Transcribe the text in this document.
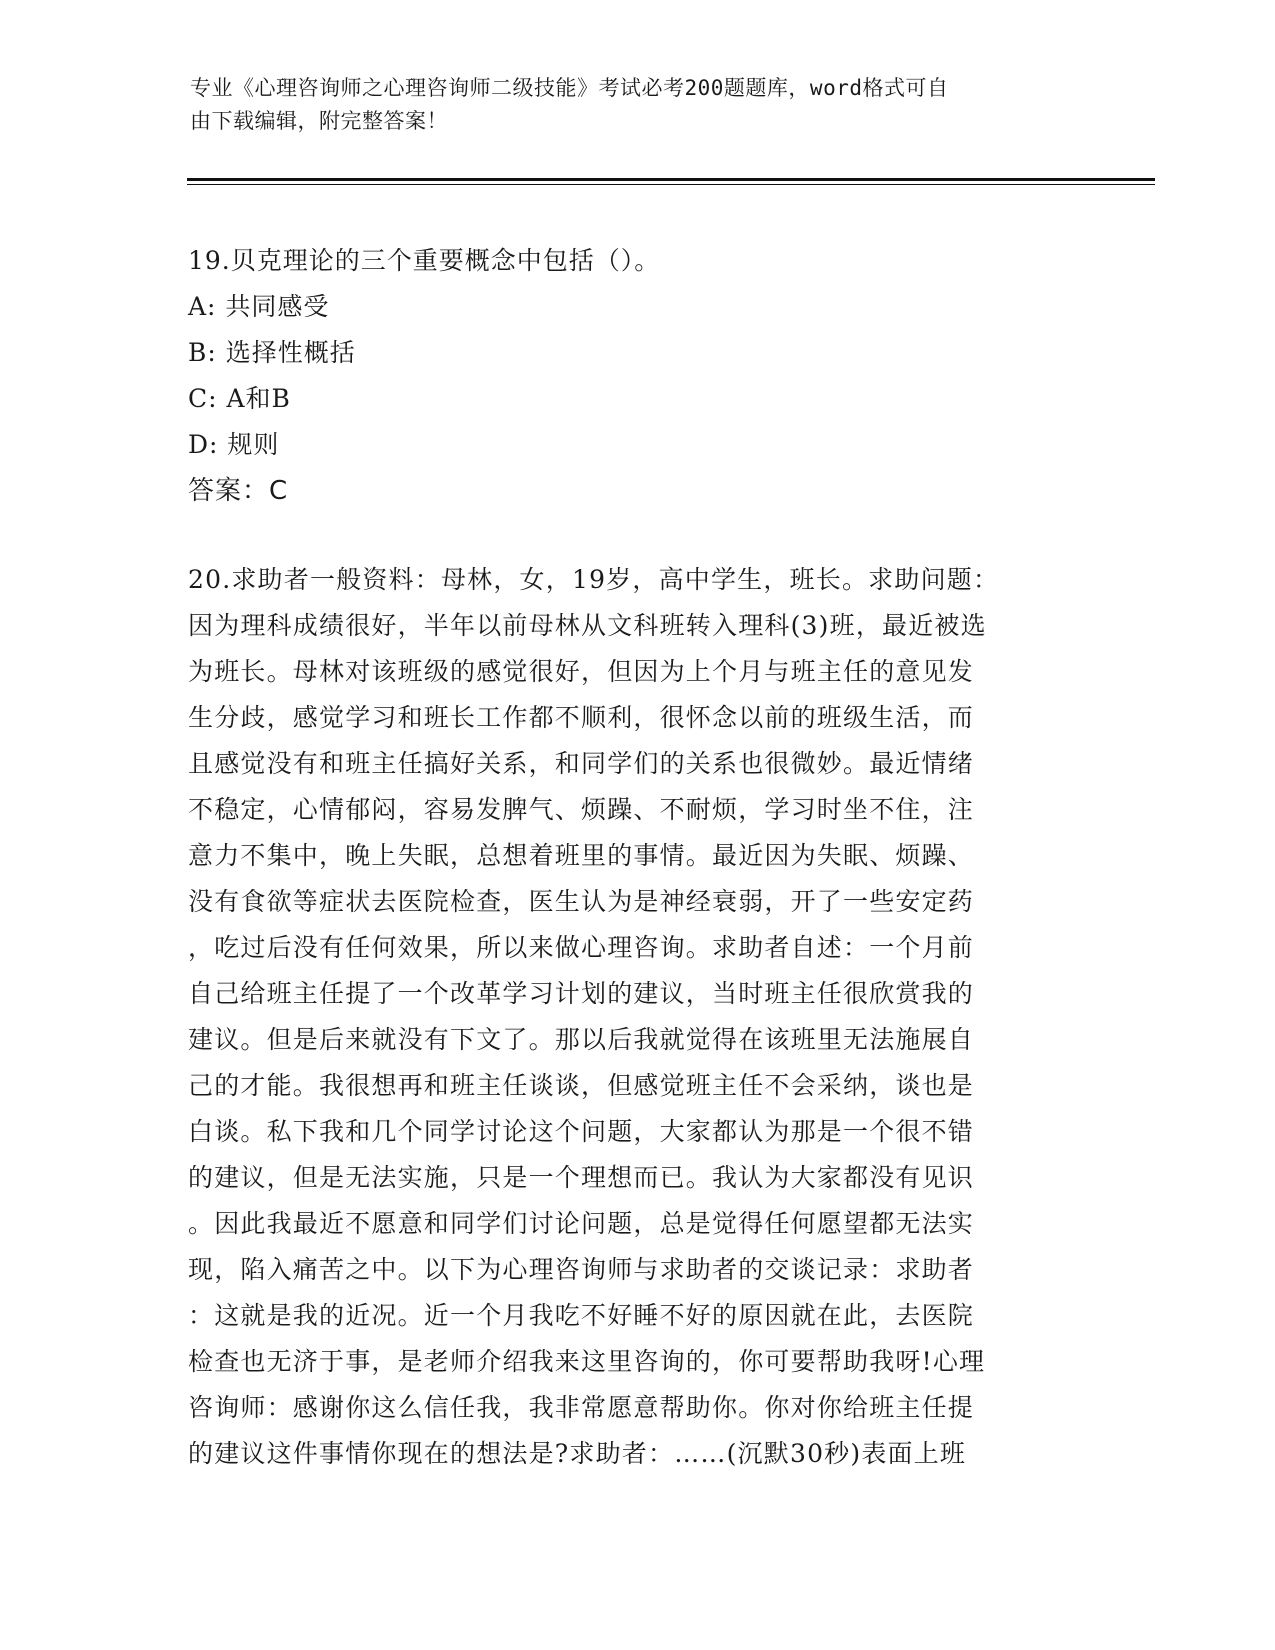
专业《心理咨询师之心理咨询师二级技能》考试必考200题题库，word格式可自
由下载编辑，附完整答案！
19.贝克理论的三个重要概念中包括（）。
A: 共同感受
B: 选择性概括
C: A和B
D: 规则
答案：C
20.求助者一般资料：母林，女，19岁，高中学生，班长。求助问题：
因为理科成绩很好，半年以前母林从文科班转入理科(3)班，最近被选
为班长。母林对该班级的感觉很好，但因为上个月与班主任的意见发
生分歧，感觉学习和班长工作都不顺利，很怀念以前的班级生活，而
且感觉没有和班主任搞好关系，和同学们的关系也很微妙。最近情绪
不稳定，心情郁闷，容易发脾气、烦躁、不耐烦，学习时坐不住，注
意力不集中，晚上失眠，总想着班里的事情。最近因为失眠、烦躁、
没有食欲等症状去医院检查，医生认为是神经衰弱，开了一些安定药
，吃过后没有任何效果，所以来做心理咨询。求助者自述：一个月前
自己给班主任提了一个改革学习计划的建议，当时班主任很欣赏我的
建议。但是后来就没有下文了。那以后我就觉得在该班里无法施展自
己的才能。我很想再和班主任谈谈，但感觉班主任不会采纳，谈也是
白谈。私下我和几个同学讨论这个问题，大家都认为那是一个很不错
的建议，但是无法实施，只是一个理想而已。我认为大家都没有见识
。因此我最近不愿意和同学们讨论问题，总是觉得任何愿望都无法实
现，陷入痛苦之中。以下为心理咨询师与求助者的交谈记录：求助者
：这就是我的近况。近一个月我吃不好睡不好的原因就在此，去医院
检查也无济于事，是老师介绍我来这里咨询的，你可要帮助我呀!心理
咨询师：感谢你这么信任我，我非常愿意帮助你。你对你给班主任提
的建议这件事情你现在的想法是?求助者：……(沉默30秒)表面上班
